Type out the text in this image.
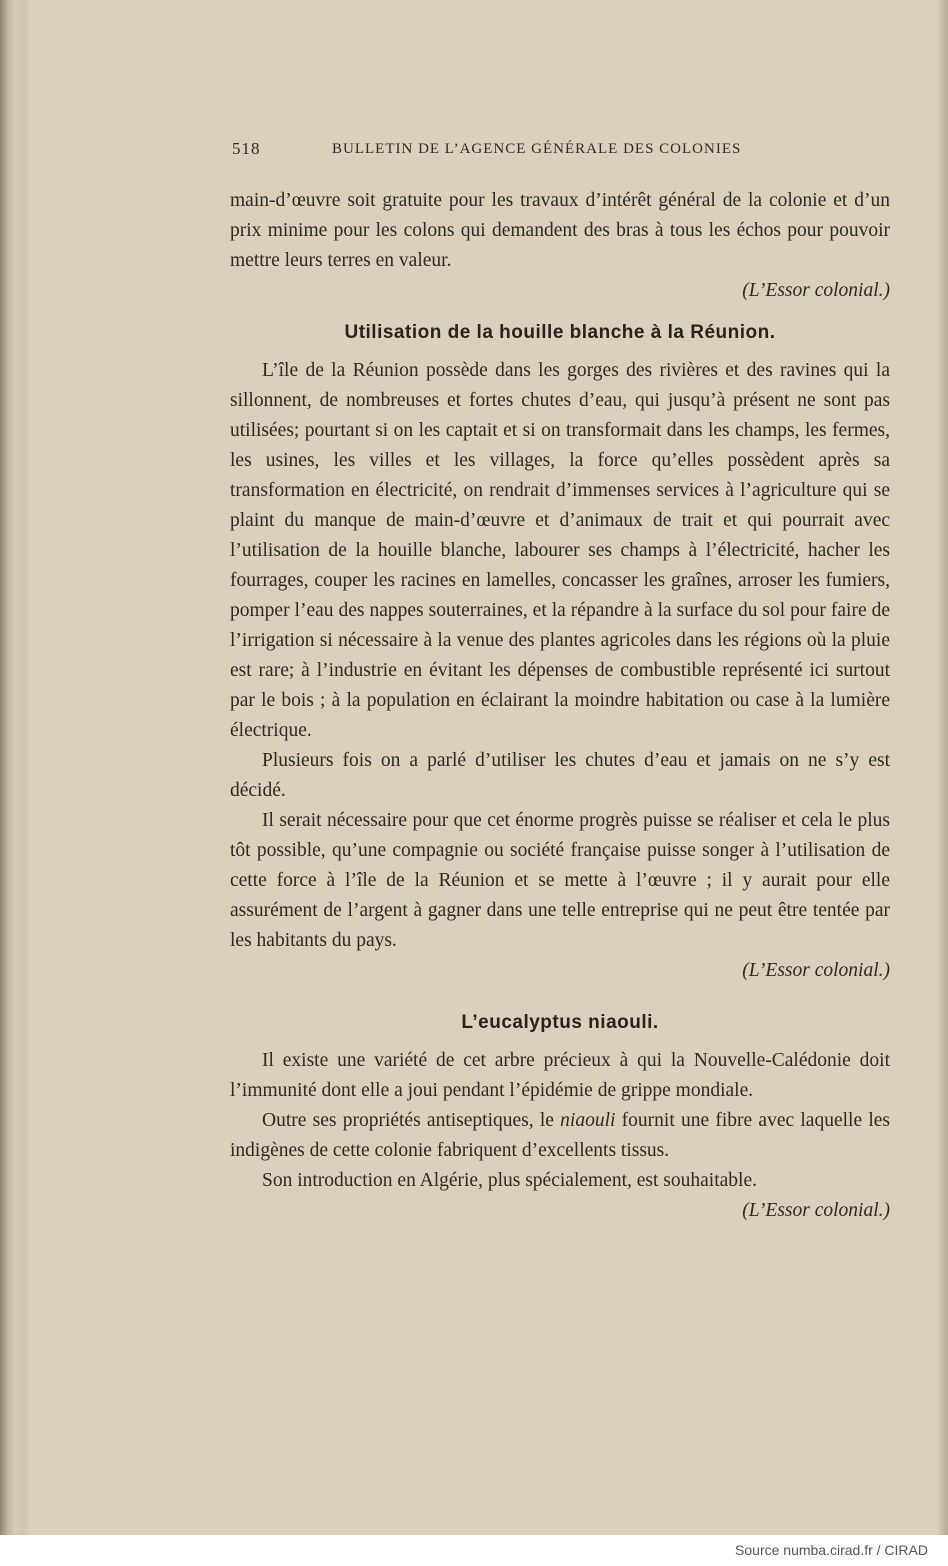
518	BULLETIN DE L’AGENCE GÉNÉRALE DES COLONIES

main-d’œuvre soit gratuite pour les travaux d’intérêt général de la colonie et d’un prix minime pour les colons qui demandent des bras à tous les échos pour pouvoir mettre leurs terres en valeur.

(L’Essor colonial.)

Utilisation de la houille blanche à la Réunion.

L’île de la Réunion possède dans les gorges des rivières et des ravines qui la sillonnent, de nombreuses et fortes chutes d’eau, qui jusqu’à présent ne sont pas utilisées; pourtant si on les captait et si on transformait dans les champs, les fermes, les usines, les villes et les villages, la force qu’elles possèdent après sa transformation en électricité, on rendrait d’immenses services à l’agriculture qui se plaint du manque de main-d’œuvre et d’animaux de trait et qui pourrait avec l’utilisation de la houille blanche, labourer ses champs à l’électricité, hacher les fourrages, couper les racines en lamelles, concasser les graînes, arroser les fumiers, pomper l’eau des nappes souterraines, et la répandre à la surface du sol pour faire de l’irrigation si nécessaire à la venue des plantes agricoles dans les régions où la pluie est rare; à l’industrie en évitant les dépenses de combustible représenté ici surtout par le bois ; à la population en éclairant la moindre habitation ou case à la lumière électrique.

Plusieurs fois on a parlé d’utiliser les chutes d’eau et jamais on ne s’y est décidé.

Il serait nécessaire pour que cet énorme progrès puisse se réaliser et cela le plus tôt possible, qu’une compagnie ou société française puisse songer à l’utilisation de cette force à l’île de la Réunion et se mette à l’œuvre ; il y aurait pour elle assurément de l’argent à gagner dans une telle entreprise qui ne peut être tentée par les habitants du pays.

(L’Essor colonial.)

L’eucalyptus niaouli.

Il existe une variété de cet arbre précieux à qui la Nouvelle-Calédonie doit l’immunité dont elle a joui pendant l’épidémie de grippe mondiale.

Outre ses propriétés antiseptiques, le niaouli fournit une fibre avec laquelle les indigènes de cette colonie fabriquent d’excellents tissus.

Son introduction en Algérie, plus spécialement, est souhaitable.

(L’Essor colonial.)

Source numba.cirad.fr / CIRAD
